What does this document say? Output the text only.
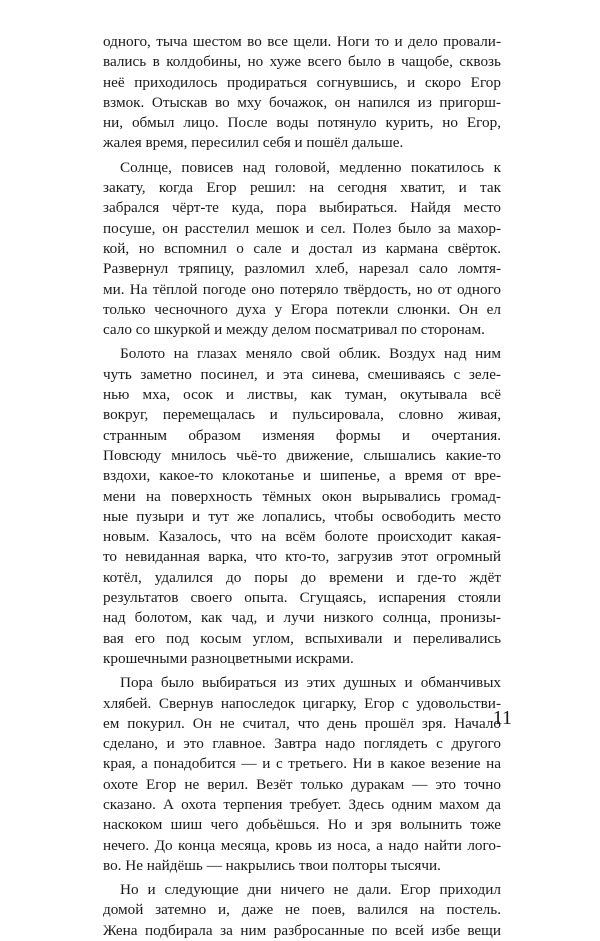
одного, тыча шестом во все щели. Ноги то и дело провали-
вались в колдобины, но хуже всего было в чащобе, сквозь
неё приходилось продираться согнувшись, и скоро Егор
взмок. Отыскав во мху бочажок, он напился из пригорш-
ни, обмыл лицо. После воды потянуло курить, но Егор,
жалея время, пересилил себя и пошёл дальше.
Солнце, повисев над головой, медленно покатилось к
закату, когда Егор решил: на сегодня хватит, и так
забрался чёрт-те куда, пора выбираться. Найдя место
посуше, он расстелил мешок и сел. Полез было за махор-
кой, но вспомнил о сале и достал из кармана свёрток.
Развернул тряпицу, разломил хлеб, нарезал сало ломтя-
ми. На тёплой погоде оно потеряло твёрдость, но от одного
только чесночного духа у Егора потекли слюнки. Он ел
сало со шкуркой и между делом посматривал по сторонам.
Болото на глазах меняло свой облик. Воздух над ним
чуть заметно посинел, и эта синева, смешиваясь с зеле-
нью мха, осок и листвы, как туман, окутывала всё
вокруг, перемещалась и пульсировала, словно живая,
странным образом изменяя формы и очертания.
Повсюду мнилось чьё-то движение, слышались какие-то
вздохи, какое-то клокотанье и шипенье, а время от вре-
мени на поверхность тёмных окон вырывались громад-
ные пузыри и тут же лопались, чтобы освободить место
новым. Казалось, что на всём болоте происходит какая-
то невиданная варка, что кто-то, загрузив этот огромный
котёл, удалился до поры до времени и где-то ждёт
результатов своего опыта. Сгущаясь, испарения стояли
над болотом, как чад, и лучи низкого солнца, пронизы-
вая его под косым углом, вспыхивали и переливались
крошечными разноцветными искрами.
Пора было выбираться из этих душных и обманчивых
хлябей. Свернув напоследок цигарку, Егор с удовольстви-
ем покурил. Он не считал, что день прошёл зря. Начало
сделано, и это главное. Завтра надо поглядеть с другого
края, а понадобится — и с третьего. Ни в какое везение на
охоте Егор не верил. Везёт только дуракам — это точно
сказано. А охота терпения требует. Здесь одним махом да
наскоком шиш чего добьёшься. Но и зря волынить тоже
нечего. До конца месяца, кровь из носа, а надо найти лого-
во. Не найдёшь — накрылись твои полторы тысячи.
Но и следующие дни ничего не дали. Егор приходил
домой затемно и, даже не поев, валился на постель.
Жена подбирала за ним разбросанные по всей избе вещи
11
